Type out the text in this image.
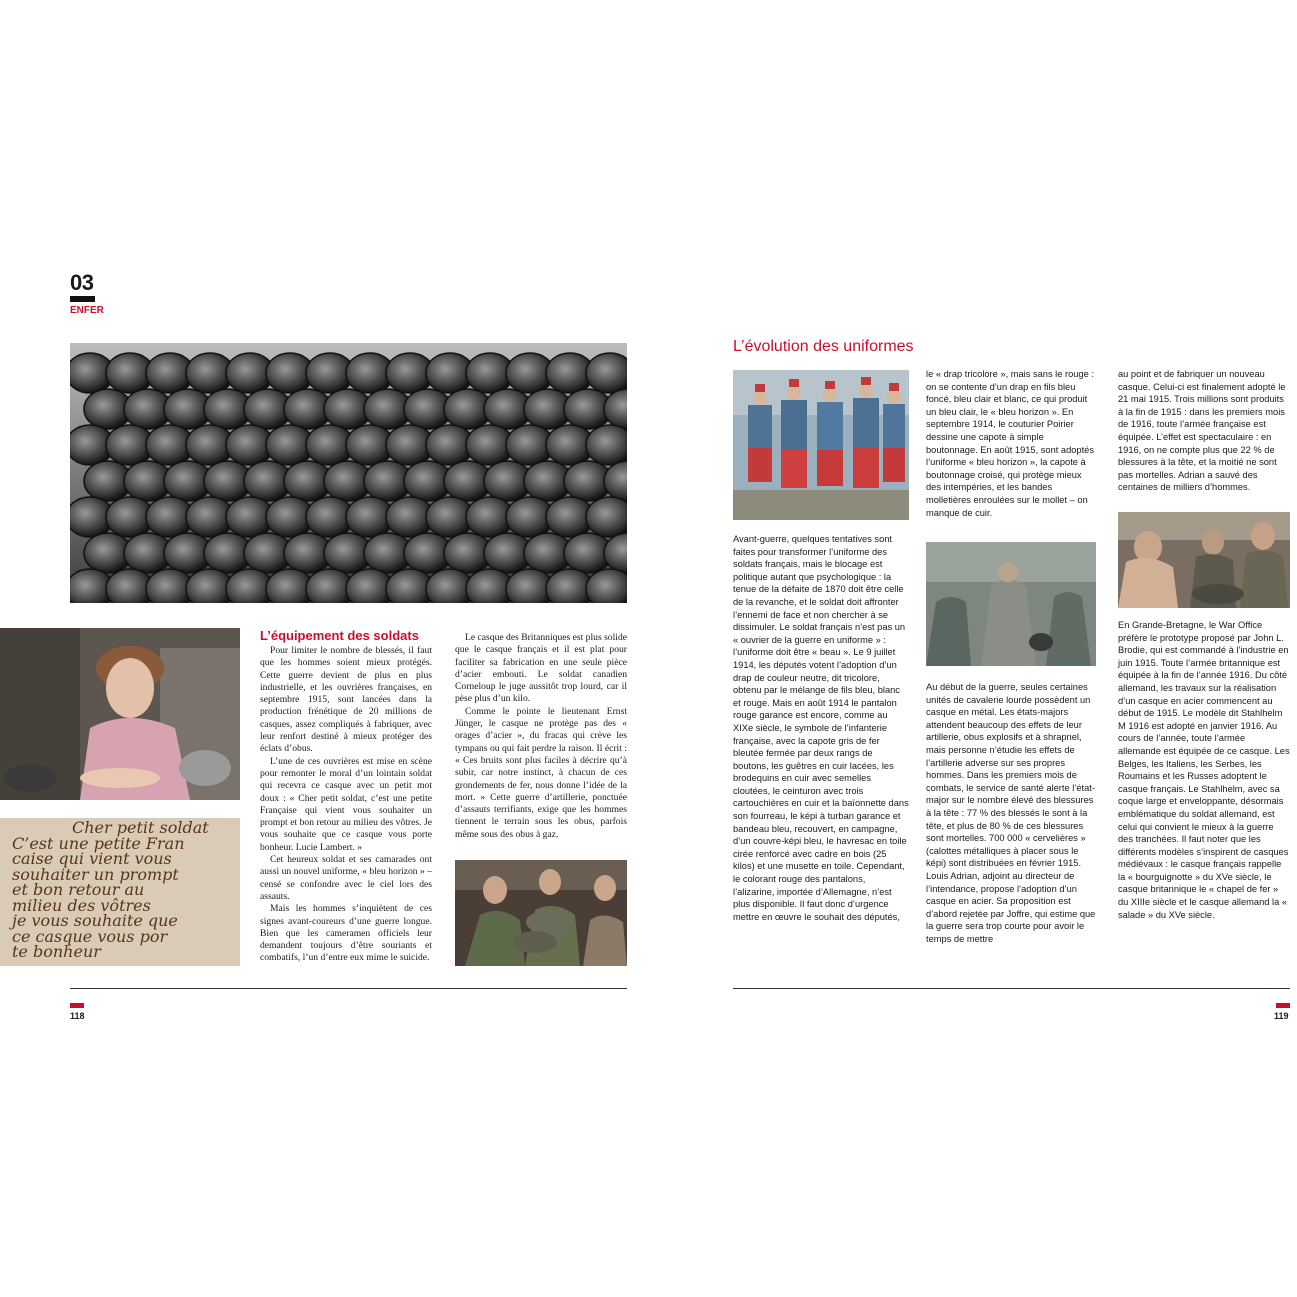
03
ENFER
Cher petit soldat
C’est une petite Fran
caise qui vient vous
souhaiter un prompt
et bon retour au
milieu des vôtres
je vous souhaite que
ce casque vous por
te bonheur
L’équipement des soldats

Pour limiter le nombre de blessés, il faut que les hommes soient mieux protégés. Cette guerre devient de plus en plus industrielle, et les ouvrières françaises, en septembre 1915, sont lancées dans la production frénétique de 20 millions de casques, assez compliqués à fabriquer, avec leur renfort destiné à mieux protéger des éclats d’obus.

L’une de ces ouvrières est mise en scène pour remonter le moral d’un lointain soldat qui recevra ce casque avec un petit mot doux : « Cher petit soldat, c’est une petite Française qui vient vous souhaiter un prompt et bon retour au milieu des vôtres. Je vous souhaite que ce casque vous porte bonheur. Lucie Lambert. »

Cet heureux soldat et ses camarades ont aussi un nouvel uniforme, « bleu horizon » – censé se confondre avec le ciel lors des assauts.

Mais les hommes s’inquiètent de ces signes avant-coureurs d’une guerre longue. Bien que les cameramen officiels leur demandent toujours d’être souriants et combatifs, l’un d’entre eux mime le suicide.

Le casque des Britanniques est plus solide que le casque français et il est plat pour faciliter sa fabrication en une seule pièce d’acier embouti. Le soldat canadien Corneloup le juge aussitôt trop lourd, car il pèse plus d’un kilo.

Comme le pointe le lieutenant Ernst Jünger, le casque ne protège pas des « orages d’acier », du fracas qui crève les tympans ou qui fait perdre la raison. Il écrit : « Ces bruits sont plus faciles à décrire qu’à subir, car notre instinct, à chacun de ces grondements de fer, nous donne l’idée de la mort. » Cette guerre d’artillerie, ponctuée d’assauts terrifiants, exige que les hommes tiennent le terrain sous les obus, parfois même sous des obus à gaz.

118
L’évolution des uniformes

Avant-guerre, quelques tentatives sont faites pour transformer l’uniforme des soldats français, mais le blocage est politique autant que psychologique : la tenue de la défaite de 1870 doit être celle de la revanche, et le soldat doit affronter l’ennemi de face et non chercher à se dissimuler. Le soldat français n’est pas un « ouvrier de la guerre en uniforme » : l’uniforme doit être « beau ». Le 9 juillet 1914, les députés votent l’adoption d’un drap de couleur neutre, dit tricolore, obtenu par le mélange de fils bleu, blanc et rouge. Mais en août 1914 le pantalon rouge garance est encore, comme au XIXe siècle, le symbole de l’infanterie française, avec la capote gris de fer bleutée fermée par deux rangs de boutons, les guêtres en cuir lacées, les brodequins en cuir avec semelles cloutées, le ceinturon avec trois cartouchières en cuir et la baïonnette dans son fourreau, le képi à turban garance et bandeau bleu, recouvert, en campagne, d’un couvre-képi bleu, le havresac en toile cirée renforcé avec cadre en bois (25 kilos) et une musette en toile. Cependant, le colorant rouge des pantalons, l’alizarine, importée d’Allemagne, n’est plus disponible. Il faut donc d’urgence mettre en œuvre le souhait des députés,

le « drap tricolore », mais sans le rouge : on se contente d’un drap en fils bleu foncé, bleu clair et blanc, ce qui produit un bleu clair, le « bleu horizon ». En septembre 1914, le couturier Poirier dessine une capote à simple boutonnage. En août 1915, sont adoptés l’uniforme « bleu horizon », la capote à boutonnage croisé, qui protège mieux des intempéries, et les bandes molletières enroulées sur le mollet – on manque de cuir.

Au début de la guerre, seules certaines unités de cavalerie lourde possèdent un casque en métal. Les états-majors attendent beaucoup des effets de leur artillerie, obus explosifs et à shrapnel, mais personne n’étudie les effets de l’artillerie adverse sur ses propres hommes. Dans les premiers mois de combats, le service de santé alerte l’état-major sur le nombre élevé des blessures à la tête : 77 % des blessés le sont à la tête, et plus de 80 % de ces blessures sont mortelles. 700 000 « cervelières » (calottes métalliques à placer sous le képi) sont distribuées en février 1915. Louis Adrian, adjoint au directeur de l’intendance, propose l’adoption d’un casque en acier. Sa proposition est d’abord rejetée par Joffre, qui estime que la guerre sera trop courte pour avoir le temps de mettre

au point et de fabriquer un nouveau casque. Celui-ci est finalement adopté le 21 mai 1915. Trois millions sont produits à la fin de 1915 : dans les premiers mois de 1916, toute l’armée française est équipée. L’effet est spectaculaire : en 1916, on ne compte plus que 22 % de blessures à la tête, et la moitié ne sont pas mortelles. Adrian a sauvé des centaines de milliers d’hommes.

En Grande-Bretagne, le War Office préfère le prototype proposé par John L. Brodie, qui est commandé à l’industrie en juin 1915. Toute l’armée britannique est équipée à la fin de l’année 1916. Du côté allemand, les travaux sur la réalisation d’un casque en acier commencent au début de 1915. Le modèle dit Stahlhelm M 1916 est adopté en janvier 1916. Au cours de l’année, toute l’armée allemande est équipée de ce casque. Les Belges, les Italiens, les Serbes, les Roumains et les Russes adoptent le casque français. Le Stahlhelm, avec sa coque large et enveloppante, désormais emblématique du soldat allemand, est celui qui convient le mieux à la guerre des tranchées. Il faut noter que les différents modèles s’inspirent de casques médiévaux : le casque français rappelle la « bourguignotte » du XVe siècle, le casque britannique le « chapel de fer » du XIIIe siècle et le casque allemand la « salade » du XVe siècle.

119
